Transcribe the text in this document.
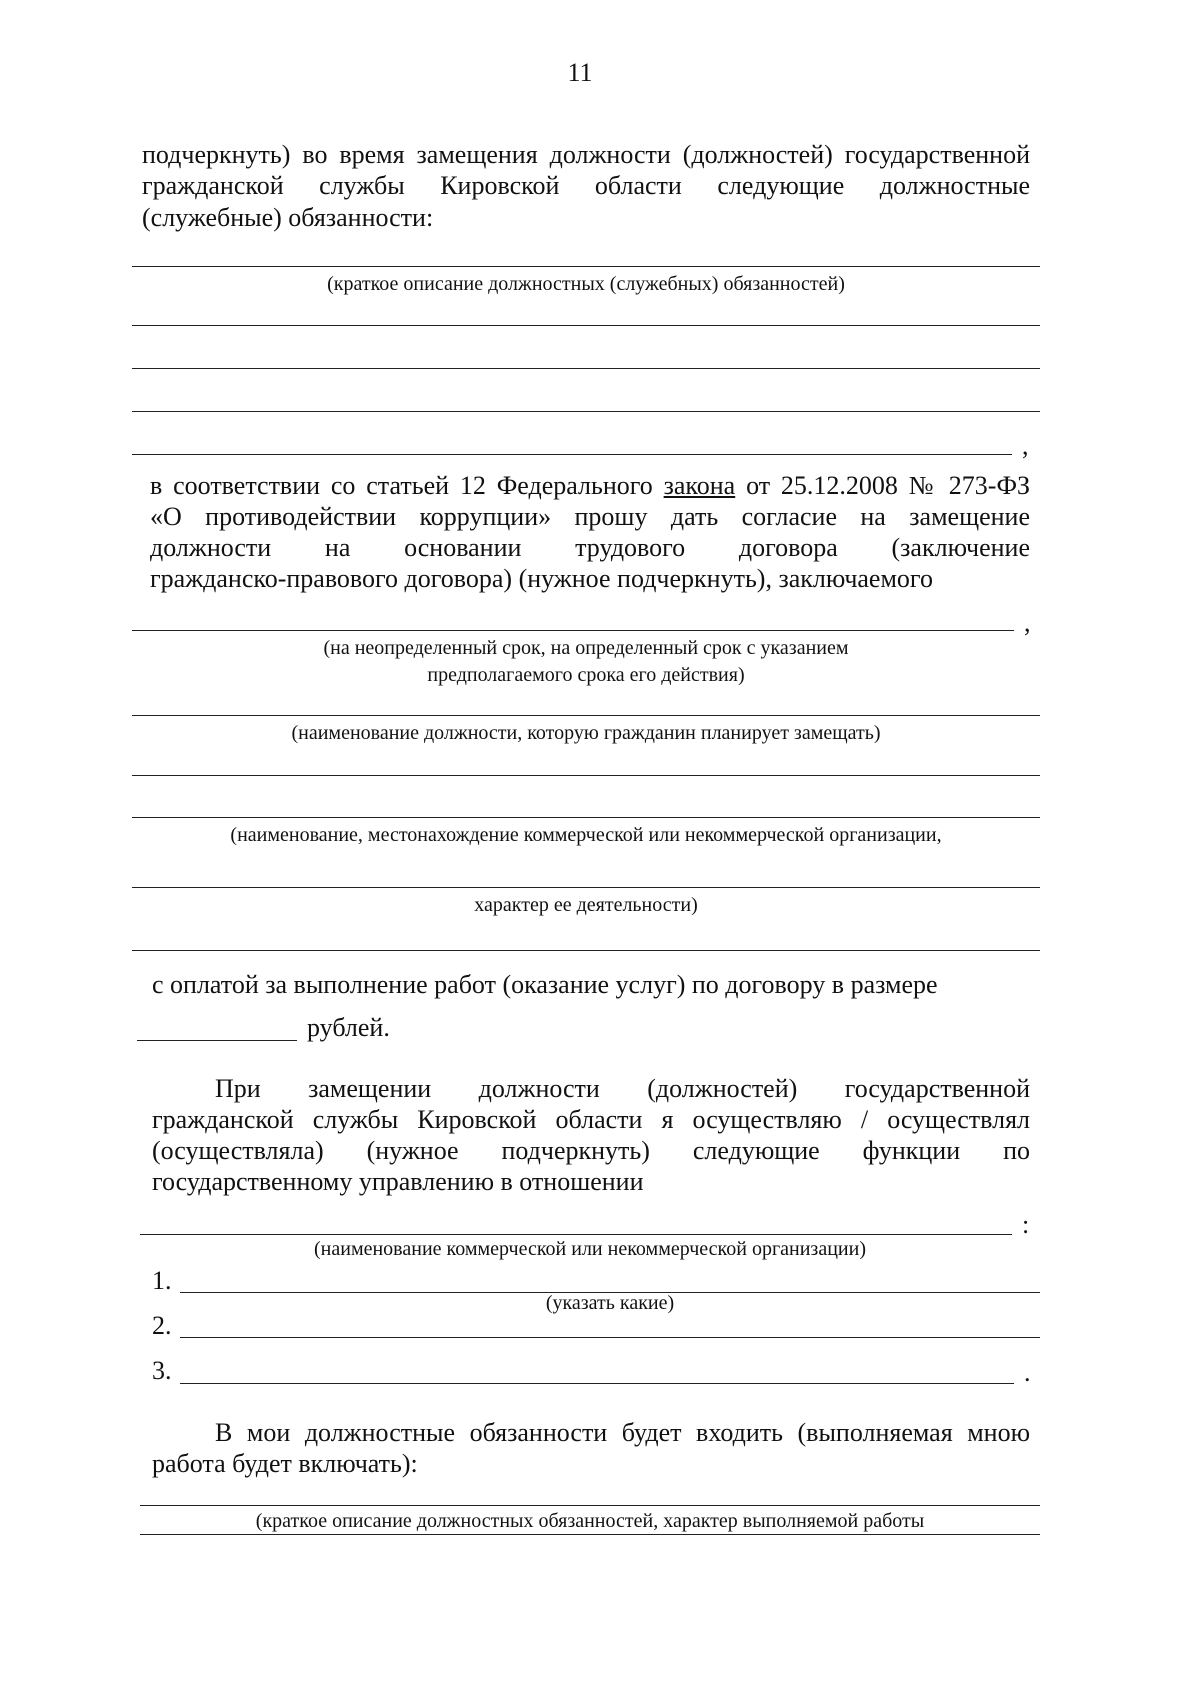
11
подчеркнуть) во время замещения должности (должностей) государственной
гражданской службы Кировской области следующие должностные
(служебные) обязанности:
(краткое описание должностных (служебных) обязанностей)
,
в соответствии со статьей 12 Федерального закона от 25.12.2008 № 273-ФЗ
«О противодействии коррупции» прошу дать согласие на замещение
должности на основании трудового договора (заключение
гражданско-правового договора) (нужное подчеркнуть), заключаемого
,
(на неопределенный срок, на определенный срок с указанием
предполагаемого срока его действия)
(наименование должности, которую гражданин планирует замещать)
(наименование, местонахождение коммерческой или некоммерческой организации,
характер ее деятельности)
с оплатой за выполнение работ (оказание услуг) по договору в размере
рублей.
При замещении должности (должностей) государственной
гражданской службы Кировской области я осуществляю / осуществлял
(осуществляла) (нужное подчеркнуть) следующие функции по
государственному управлению в отношении
:
(наименование коммерческой или некоммерческой организации)
1.
(указать какие)
2.
3.	.
В мои должностные обязанности будет входить (выполняемая мною
работа будет включать):
(краткое описание должностных обязанностей, характер выполняемой работы
